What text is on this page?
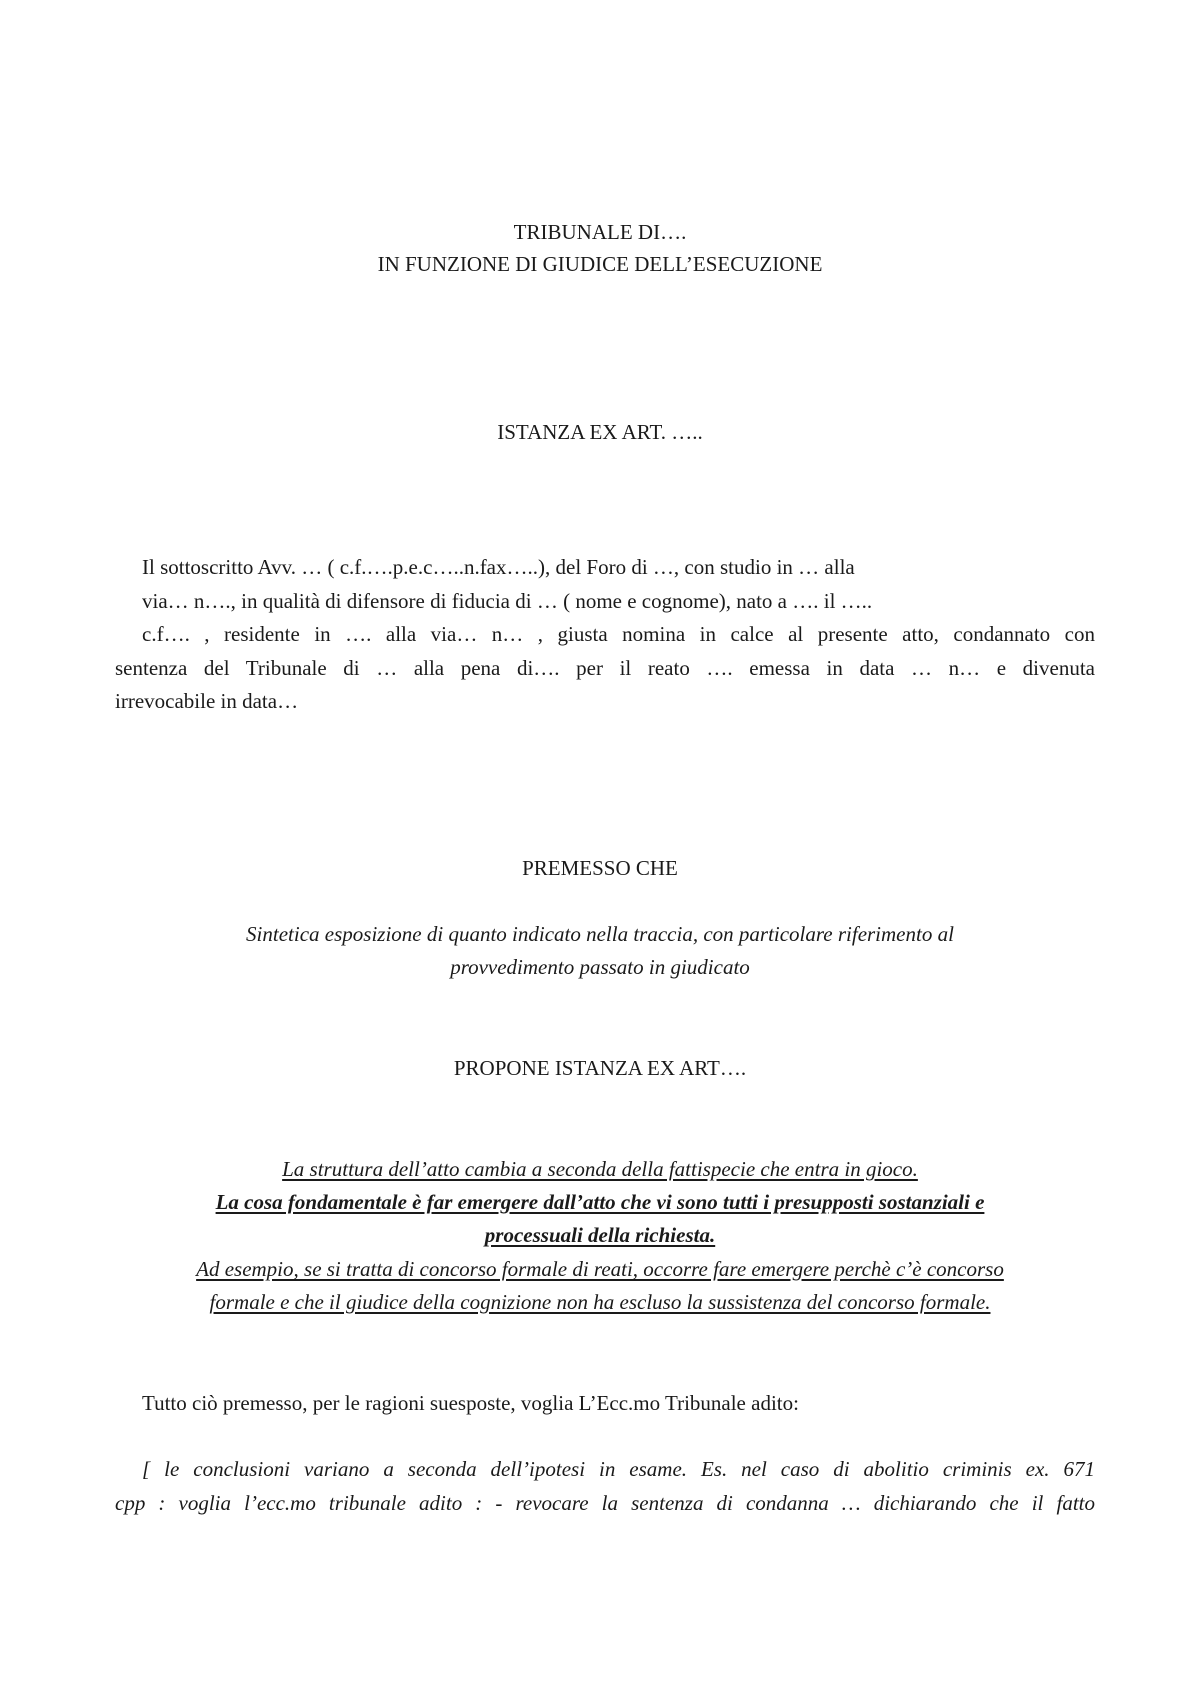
TRIBUNALE DI….
IN FUNZIONE DI GIUDICE DELL’ESECUZIONE
ISTANZA EX ART. …..
Il sottoscritto Avv. … ( c.f.….p.e.c…..n.fax…..), del Foro di …, con studio in … alla
via… n…., in qualità di difensore di fiducia di … ( nome e cognome), nato a …. il …..
c.f…. , residente in …. alla via… n… , giusta nomina in calce al presente atto, condannato con
sentenza del Tribunale di … alla pena di…. per il reato …. emessa in data … n… e divenuta
irrevocabile in data…
PREMESSO CHE
Sintetica esposizione di quanto indicato nella traccia, con particolare riferimento al
provvedimento passato in giudicato
PROPONE ISTANZA EX ART….
La struttura dell’atto cambia a seconda della fattispecie che entra in gioco.
La cosa fondamentale è far emergere dall’atto che vi sono tutti i presupposti sostanziali e
processuali della richiesta.
Ad esempio, se si tratta di concorso formale di reati, occorre fare emergere perchè c’è concorso
formale e che il giudice della cognizione non ha escluso la sussistenza del concorso formale.
Tutto ciò premesso, per le ragioni suesposte, voglia L’Ecc.mo Tribunale adito:
[ le conclusioni variano a seconda dell’ipotesi in esame. Es. nel caso di abolitio criminis ex. 671
cpp : voglia l’ecc.mo tribunale adito : - revocare la sentenza di condanna … dichiarando che il fatto
